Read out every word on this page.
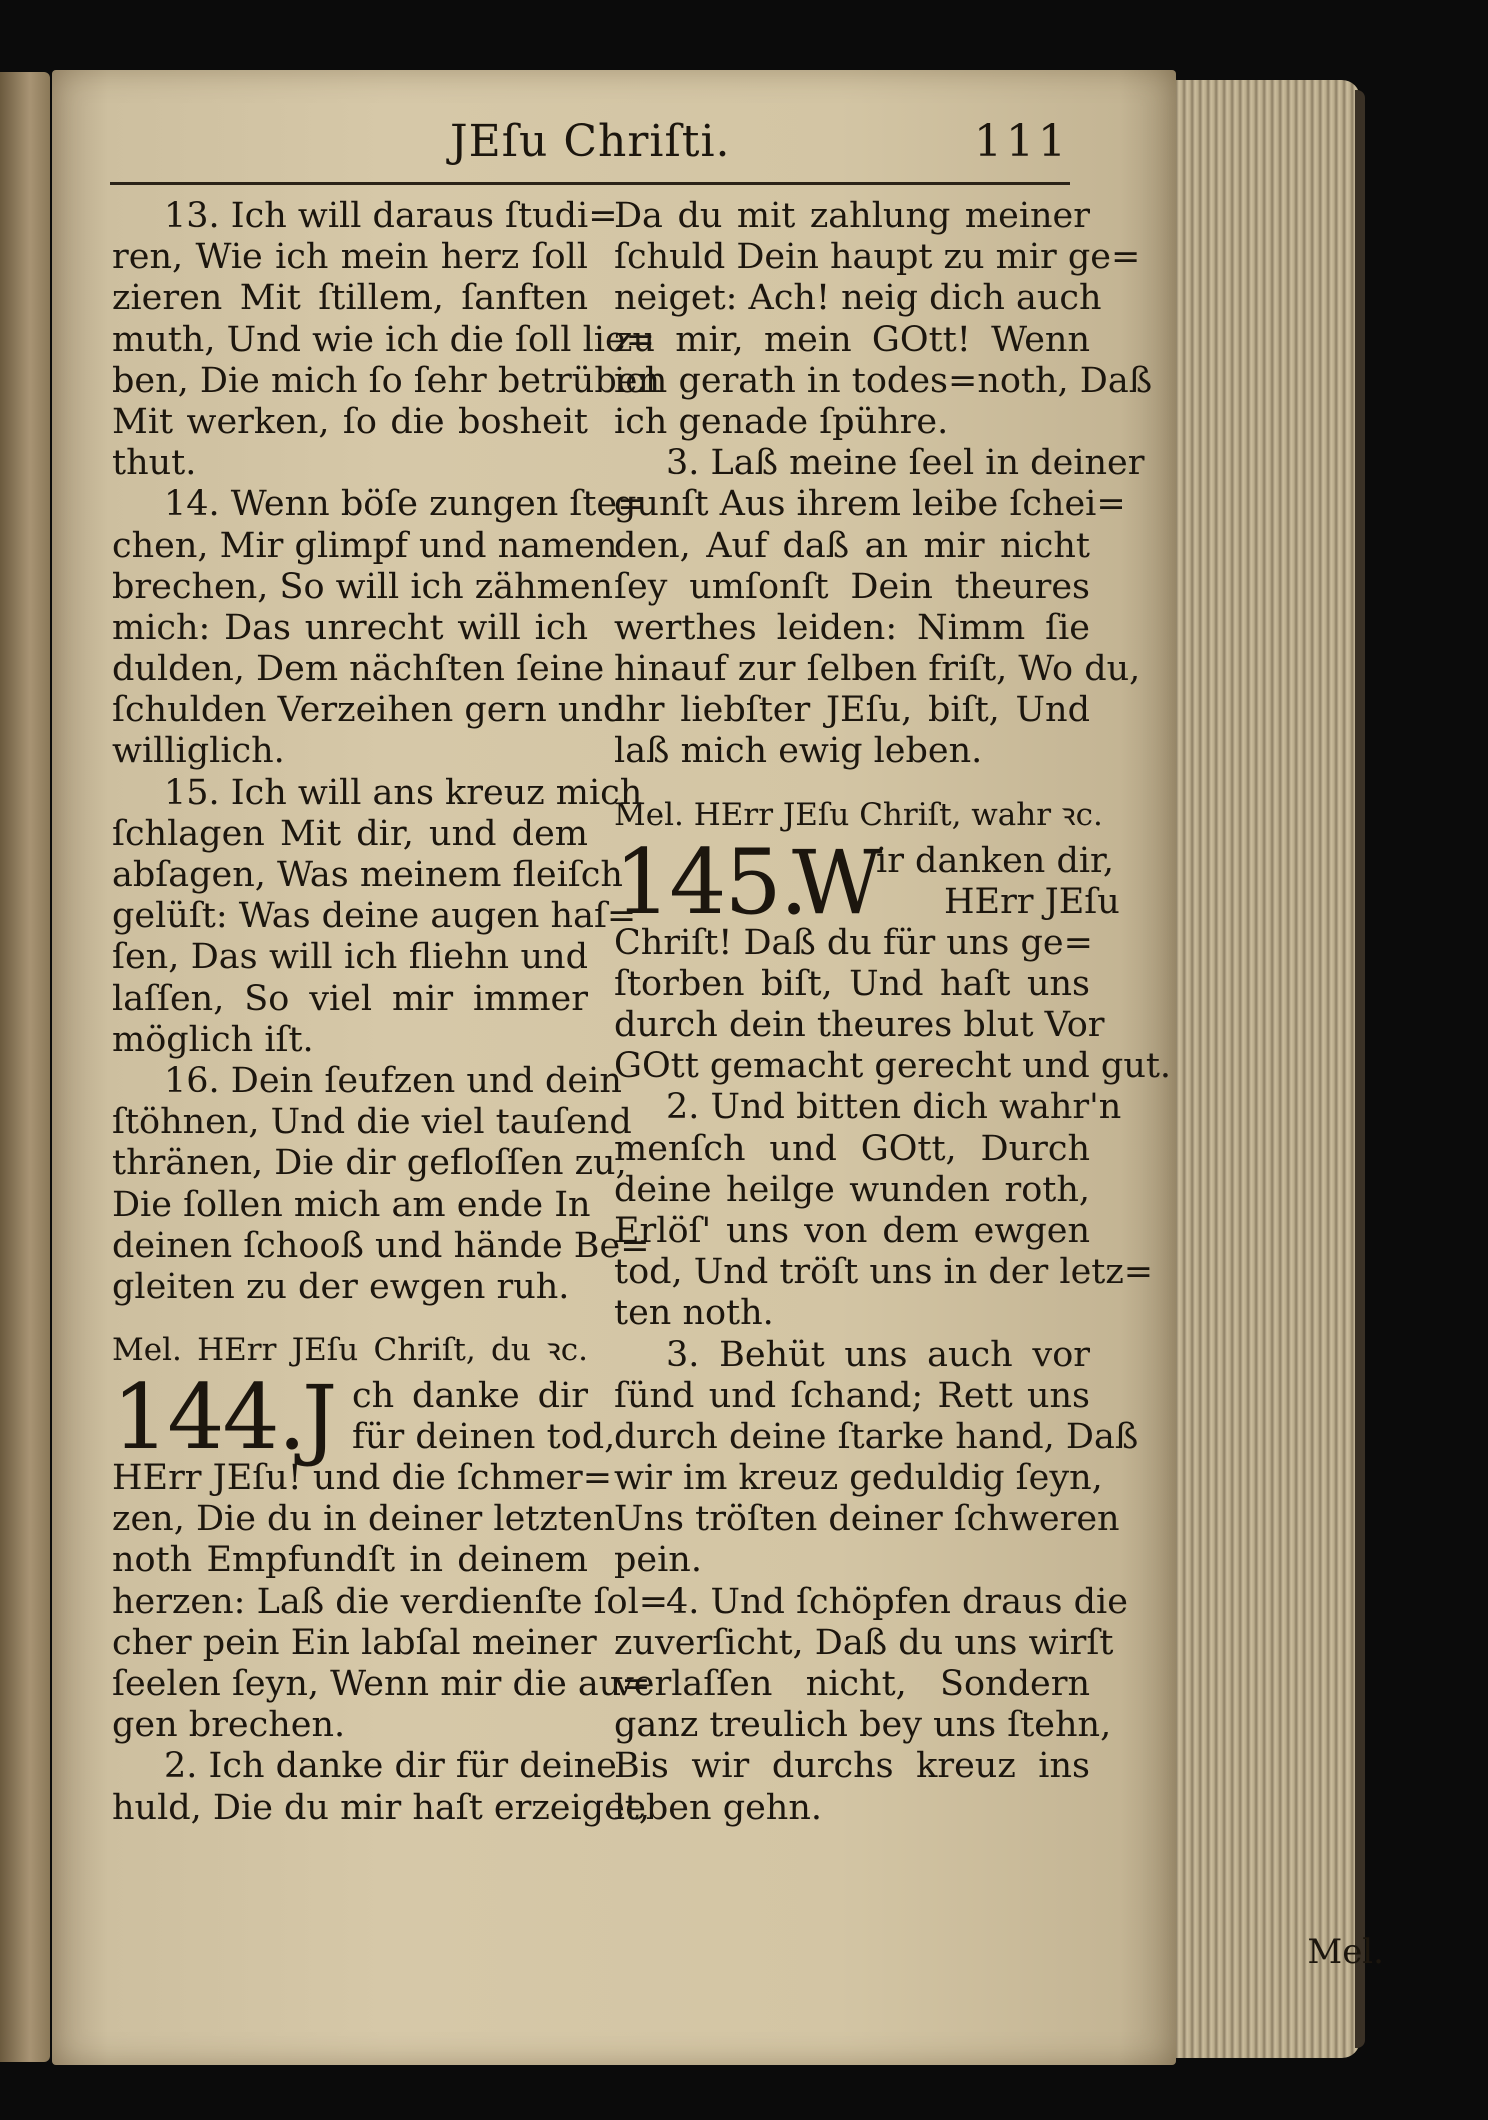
JEſu Chriſti.	111
13. Ich will daraus ſtudi=
ren, Wie ich mein herz ſoll
zieren Mit ſtillem, ſanften
muth, Und wie ich die ſoll lie=
ben, Die mich ſo ſehr betrüben
Mit werken, ſo die bosheit
thut.
14. Wenn böſe zungen ſte=
chen, Mir glimpf und namen
brechen, So will ich zähmen
mich: Das unrecht will ich
dulden, Dem nächſten ſeine
ſchulden Verzeihen gern und
williglich.
15. Ich will ans kreuz mich
ſchlagen Mit dir, und dem
abſagen, Was meinem fleiſch
gelüſt: Was deine augen haſ=
ſen, Das will ich fliehn und
laſſen, So viel mir immer
möglich iſt.
16. Dein ſeufzen und dein
ſtöhnen, Und die viel tauſend
thränen, Die dir gefloſſen zu,
Die ſollen mich am ende In
deinen ſchooß und hände Be=
gleiten zu der ewgen ruh.
Mel. HErr JEſu Chriſt, du ꝛc.
144.
J ch danke dir
für deinen tod,
HErr JEſu! und die ſchmer=
zen, Die du in deiner letzten
noth Empfundſt in deinem
herzen: Laß die verdienſte ſol=
cher pein Ein labſal meiner
ſeelen ſeyn, Wenn mir die au=
gen brechen.
2. Ich danke dir für deine
huld, Die du mir haſt erzeiget,
Da du mit zahlung meiner
ſchuld Dein haupt zu mir ge=
neiget: Ach! neig dich auch
zu mir, mein GOtt! Wenn
ich gerath in todes=noth, Daß
ich genade ſpühre.
3. Laß meine ſeel in deiner
gunſt Aus ihrem leibe ſchei=
den, Auf daß an mir nicht
ſey umſonſt Dein theures
werthes leiden: Nimm ſie
hinauf zur ſelben friſt, Wo du,
ihr liebſter JEſu, biſt, Und
laß mich ewig leben.
Mel. HErr JEſu Chriſt, wahr ꝛc.
145.
W
ir danken dir,
HErr JEſu
Chriſt! Daß du für uns ge=
ſtorben biſt, Und haſt uns
durch dein theures blut Vor
GOtt gemacht gerecht und gut.
2. Und bitten dich wahr'n
menſch und GOtt, Durch
deine heilge wunden roth,
Erlöſ' uns von dem ewgen
tod, Und tröſt uns in der letz=
ten noth.
3. Behüt uns auch vor
ſünd und ſchand; Rett uns
durch deine ſtarke hand, Daß
wir im kreuz geduldig ſeyn,
Uns tröſten deiner ſchweren
pein.
4. Und ſchöpfen draus die
zuverſicht, Daß du uns wirſt
verlaſſen nicht, Sondern
ganz treulich bey uns ſtehn,
Bis wir durchs kreuz ins
leben gehn.
Mel.
